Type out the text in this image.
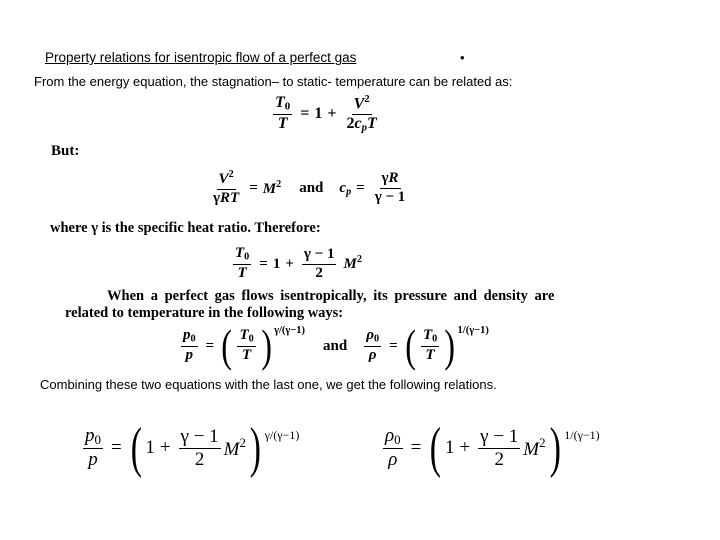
Property relations for isentropic flow of a perfect gas	•
From the energy equation, the stagnation– to static- temperature can be related as:
$\frac{T_0}{T} = 1 + \frac{V^2}{2c_pT}$
But:
$\frac{V^2}{\text{γRT}} = M^2$ and $c_p = \frac{\gamma R}{\gamma - 1}$
where γ is the specific heat ratio. Therefore:
$\frac{T_0}{T} = 1 + \frac{\gamma - 1}{2} M^2$
When a perfect gas flows isentropically, its pressure and density are
related to temperature in the following ways:
$\frac{p_0}{p}$ = ( $\frac{T_0}{T}$ ) γ/(γ−1)
and $\frac{\rho_0}{\rho}$ = ( $\frac{T_0}{T}$ ) 1/(γ−1)
Combining these two equations with the last one, we get the following relations.
$\frac{p_0}{p}$ = ( $1 + \frac{\gamma - 1}{2} M^2$ ) γ/(γ−1)	$\frac{\rho_0}{\rho}$ = ( $1 + \frac{\gamma - 1}{2} M^2$ ) 1/(γ−1)
